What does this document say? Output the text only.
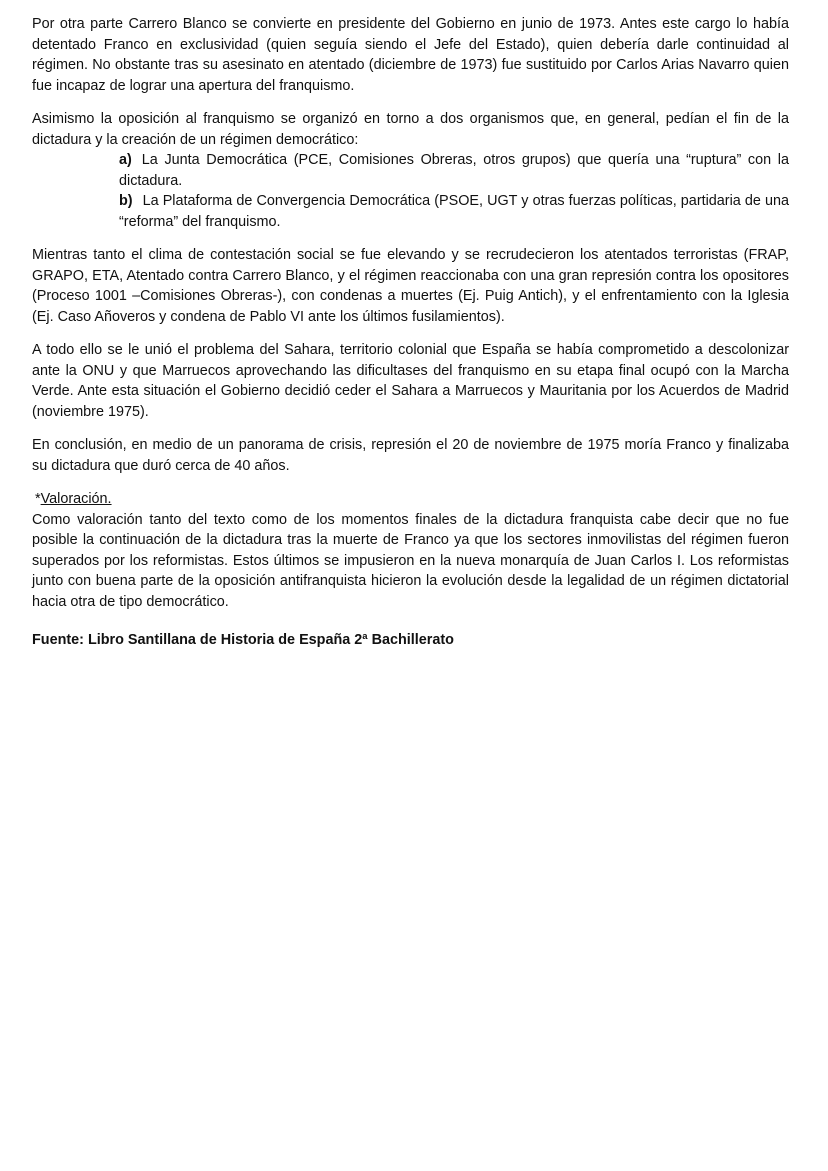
Por otra parte Carrero Blanco se convierte en presidente del Gobierno en junio de 1973. Antes este cargo lo había detentado Franco en exclusividad (quien seguía siendo el Jefe del Estado), quien debería darle continuidad al régimen. No obstante tras su asesinato en atentado (diciembre de 1973) fue sustituido por Carlos Arias Navarro quien fue incapaz de lograr una apertura del franquismo.

Asimismo la oposición al franquismo se organizó en torno a dos organismos que, en general, pedían el fin de la dictadura y la creación de un régimen democrático:

a) La Junta Democrática (PCE, Comisiones Obreras, otros grupos) que quería una “ruptura” con la dictadura.
b) La Plataforma de Convergencia Democrática (PSOE, UGT y otras fuerzas políticas, partidaria de una “reforma” del franquismo.

Mientras tanto el clima de contestación social se fue elevando y se recrudecieron los atentados terroristas (FRAP, GRAPO, ETA, Atentado contra Carrero Blanco, y el régimen reaccionaba con una gran represión contra los opositores (Proceso 1001 –Comisiones Obreras-), con condenas a muertes (Ej. Puig Antich), y el enfrentamiento con la Iglesia (Ej. Caso Añoveros y condena de Pablo VI ante los últimos fusilamientos).

A todo ello se le unió el problema del Sahara, territorio colonial que España se había comprometido a descolonizar ante la ONU y que Marruecos aprovechando las dificultases del franquismo en su etapa final ocupó con la Marcha Verde. Ante esta situación el Gobierno decidió ceder el Sahara a Marruecos y Mauritania por los Acuerdos de Madrid (noviembre 1975).

En conclusión, en medio de un panorama de crisis, represión el 20 de noviembre de 1975 moría Franco y finalizaba su dictadura que duró cerca de 40 años.

*Valoración.

Como valoración tanto del texto como de los momentos finales de la dictadura franquista cabe decir que no fue posible la continuación de la dictadura tras la muerte de Franco ya que los sectores inmovilistas del régimen fueron superados por los reformistas. Estos últimos se impusieron en la nueva monarquía de Juan Carlos I. Los reformistas junto con buena parte de la oposición antifranquista hicieron la evolución desde la legalidad de un régimen dictatorial hacia otra de tipo democrático.

Fuente: Libro Santillana de Historia de España 2ª Bachillerato
